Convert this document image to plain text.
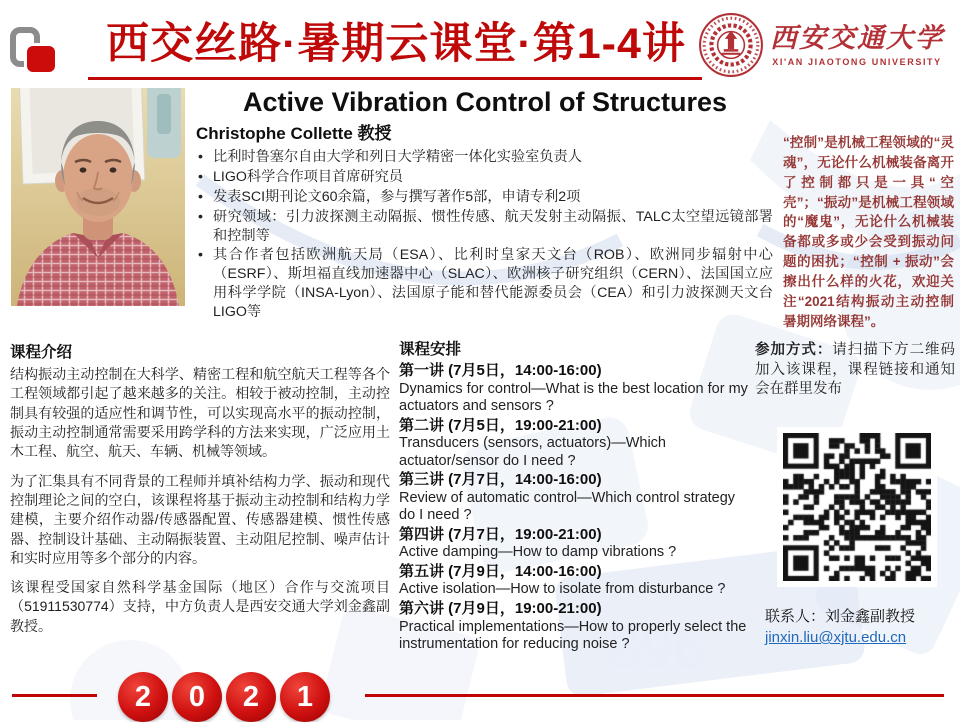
896
西交丝路·暑期云课堂·第1-4讲	西安交通大学
XI'AN JIAOTONG UNIVERSITY
Active Vibration Control of Structures
Christophe Collette 教授
• 比利时鲁塞尔自由大学和列日大学精密一体化实验室负责人
• LIGO科学合作项目首席研究员
• 发表SCI期刊论文60余篇，参与撰写著作5部，申请专利2项
• 研究领域：引力波探测主动隔振、惯性传感、航天发射主动隔振、TALC太空望远镜部署和控制等
• 其合作者包括欧洲航天局（ESA）、比利时皇家天文台（ROB）、欧洲同步辐射中心（ESRF）、斯坦福直线加速器中心（SLAC）、欧洲核子研究组织（CERN）、法国国立应用科学学院（INSA-Lyon）、法国原子能和替代能源委员会（CEA）和引力波探测天文台LIGO等
“控制”是机械工程领域的“灵魂”，无论什么机械装备离开了控制都只是一具“空壳”；“振动”是机械工程领域的“魔鬼”，无论什么机械装备都或多或少会受到振动问题的困扰；“控制 + 振动”会擦出什么样的火花，欢迎关注“2021结构振动主动控制暑期网络课程”。
课程介绍

结构振动主动控制在大科学、精密工程和航空航天工程等各个工程领域都引起了越来越多的关注。相较于被动控制，主动控制具有较强的适应性和调节性，可以实现高水平的振动控制，振动主动控制通常需要采用跨学科的方法来实现，广泛应用土木工程、航空、航天、车辆、机械等领域。

为了汇集具有不同背景的工程师并填补结构力学、振动和现代控制理论之间的空白，该课程将基于振动主动控制和结构力学建模，主要介绍作动器/传感器配置、传感器建模、惯性传感器、控制设计基础、主动隔振装置、主动阻尼控制、噪声估计和实时应用等多个部分的内容。

该课程受国家自然科学基金国际（地区）合作与交流项目（51911530774）支持，中方负责人是西安交通大学刘金鑫副教授。

课程安排
第一讲 (7月5日，14:00-16:00)
Dynamics for control—What is the best location for my actuators and sensors ?
第二讲 (7月5日，19:00-21:00)
Transducers (sensors, actuators)—Which actuator/sensor do I need ?
第三讲 (7月7日，14:00-16:00)
Review of automatic control—Which control strategy do I need ?
第四讲 (7月7日，19:00-21:00)
Active damping—How to damp vibrations ?
第五讲 (7月9日，14:00-16:00)
Active isolation—How to isolate from disturbance ?
第六讲 (7月9日，19:00-21:00)
Practical implementations—How to properly select the instrumentation for reducing noise ?
参加方式：请扫描下方二维码加入该课程，课程链接和通知会在群里发布
联系人：刘金鑫副教授
jinxin.liu@xjtu.edu.cn
2	0	2	1
